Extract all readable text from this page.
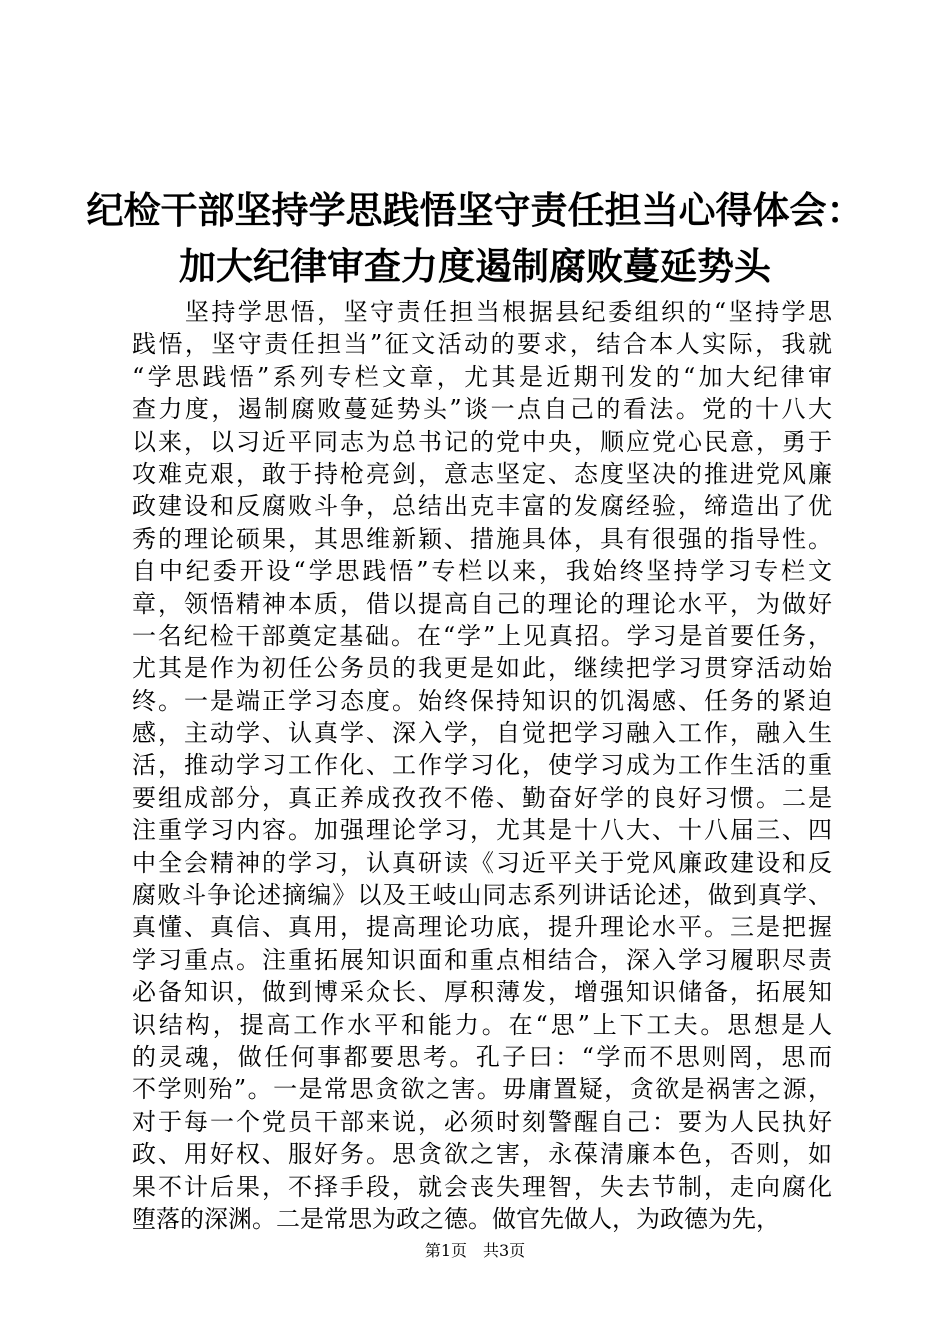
纪检干部坚持学思践悟坚守责任担当心得体会：
加大纪律审查力度遏制腐败蔓延势头
　　坚持学思悟，坚守责任担当根据县纪委组织的“坚持学思
践悟，坚守责任担当”征文活动的要求，结合本人实际，我就
“学思践悟”系列专栏文章，尤其是近期刊发的“加大纪律审
查力度，遏制腐败蔓延势头”谈一点自己的看法。党的十八大
以来，以习近平同志为总书记的党中央，顺应党心民意，勇于
攻难克艰，敢于持枪亮剑，意志坚定、态度坚决的推进党风廉
政建设和反腐败斗争，总结出克丰富的发腐经验，缔造出了优
秀的理论硕果，其思维新颖、措施具体，具有很强的指导性。
自中纪委开设“学思践悟”专栏以来，我始终坚持学习专栏文
章，领悟精神本质，借以提高自己的理论的理论水平，为做好
一名纪检干部奠定基础。在“学”上见真招。学习是首要任务，
尤其是作为初任公务员的我更是如此，继续把学习贯穿活动始
终。一是端正学习态度。始终保持知识的饥渴感、任务的紧迫
感，主动学、认真学、深入学，自觉把学习融入工作，融入生
活，推动学习工作化、工作学习化，使学习成为工作生活的重
要组成部分，真正养成孜孜不倦、勤奋好学的良好习惯。二是
注重学习内容。加强理论学习，尤其是十八大、十八届三、四
中全会精神的学习，认真研读《习近平关于党风廉政建设和反
腐败斗争论述摘编》以及王岐山同志系列讲话论述，做到真学、
真懂、真信、真用，提高理论功底，提升理论水平。三是把握
学习重点。注重拓展知识面和重点相结合，深入学习履职尽责
必备知识，做到博采众长、厚积薄发，增强知识储备，拓展知
识结构，提高工作水平和能力。在“思”上下工夫。思想是人
的灵魂，做任何事都要思考。孔子曰：“学而不思则罔，思而
不学则殆”。一是常思贪欲之害。毋庸置疑，贪欲是祸害之源，
对于每一个党员干部来说，必须时刻警醒自己：要为人民执好
政、用好权、服好务。思贪欲之害，永葆清廉本色，否则，如
果不计后果，不择手段，就会丧失理智，失去节制，走向腐化
堕落的深渊。二是常思为政之德。做官先做人，为政德为先，
第1页　共3页
